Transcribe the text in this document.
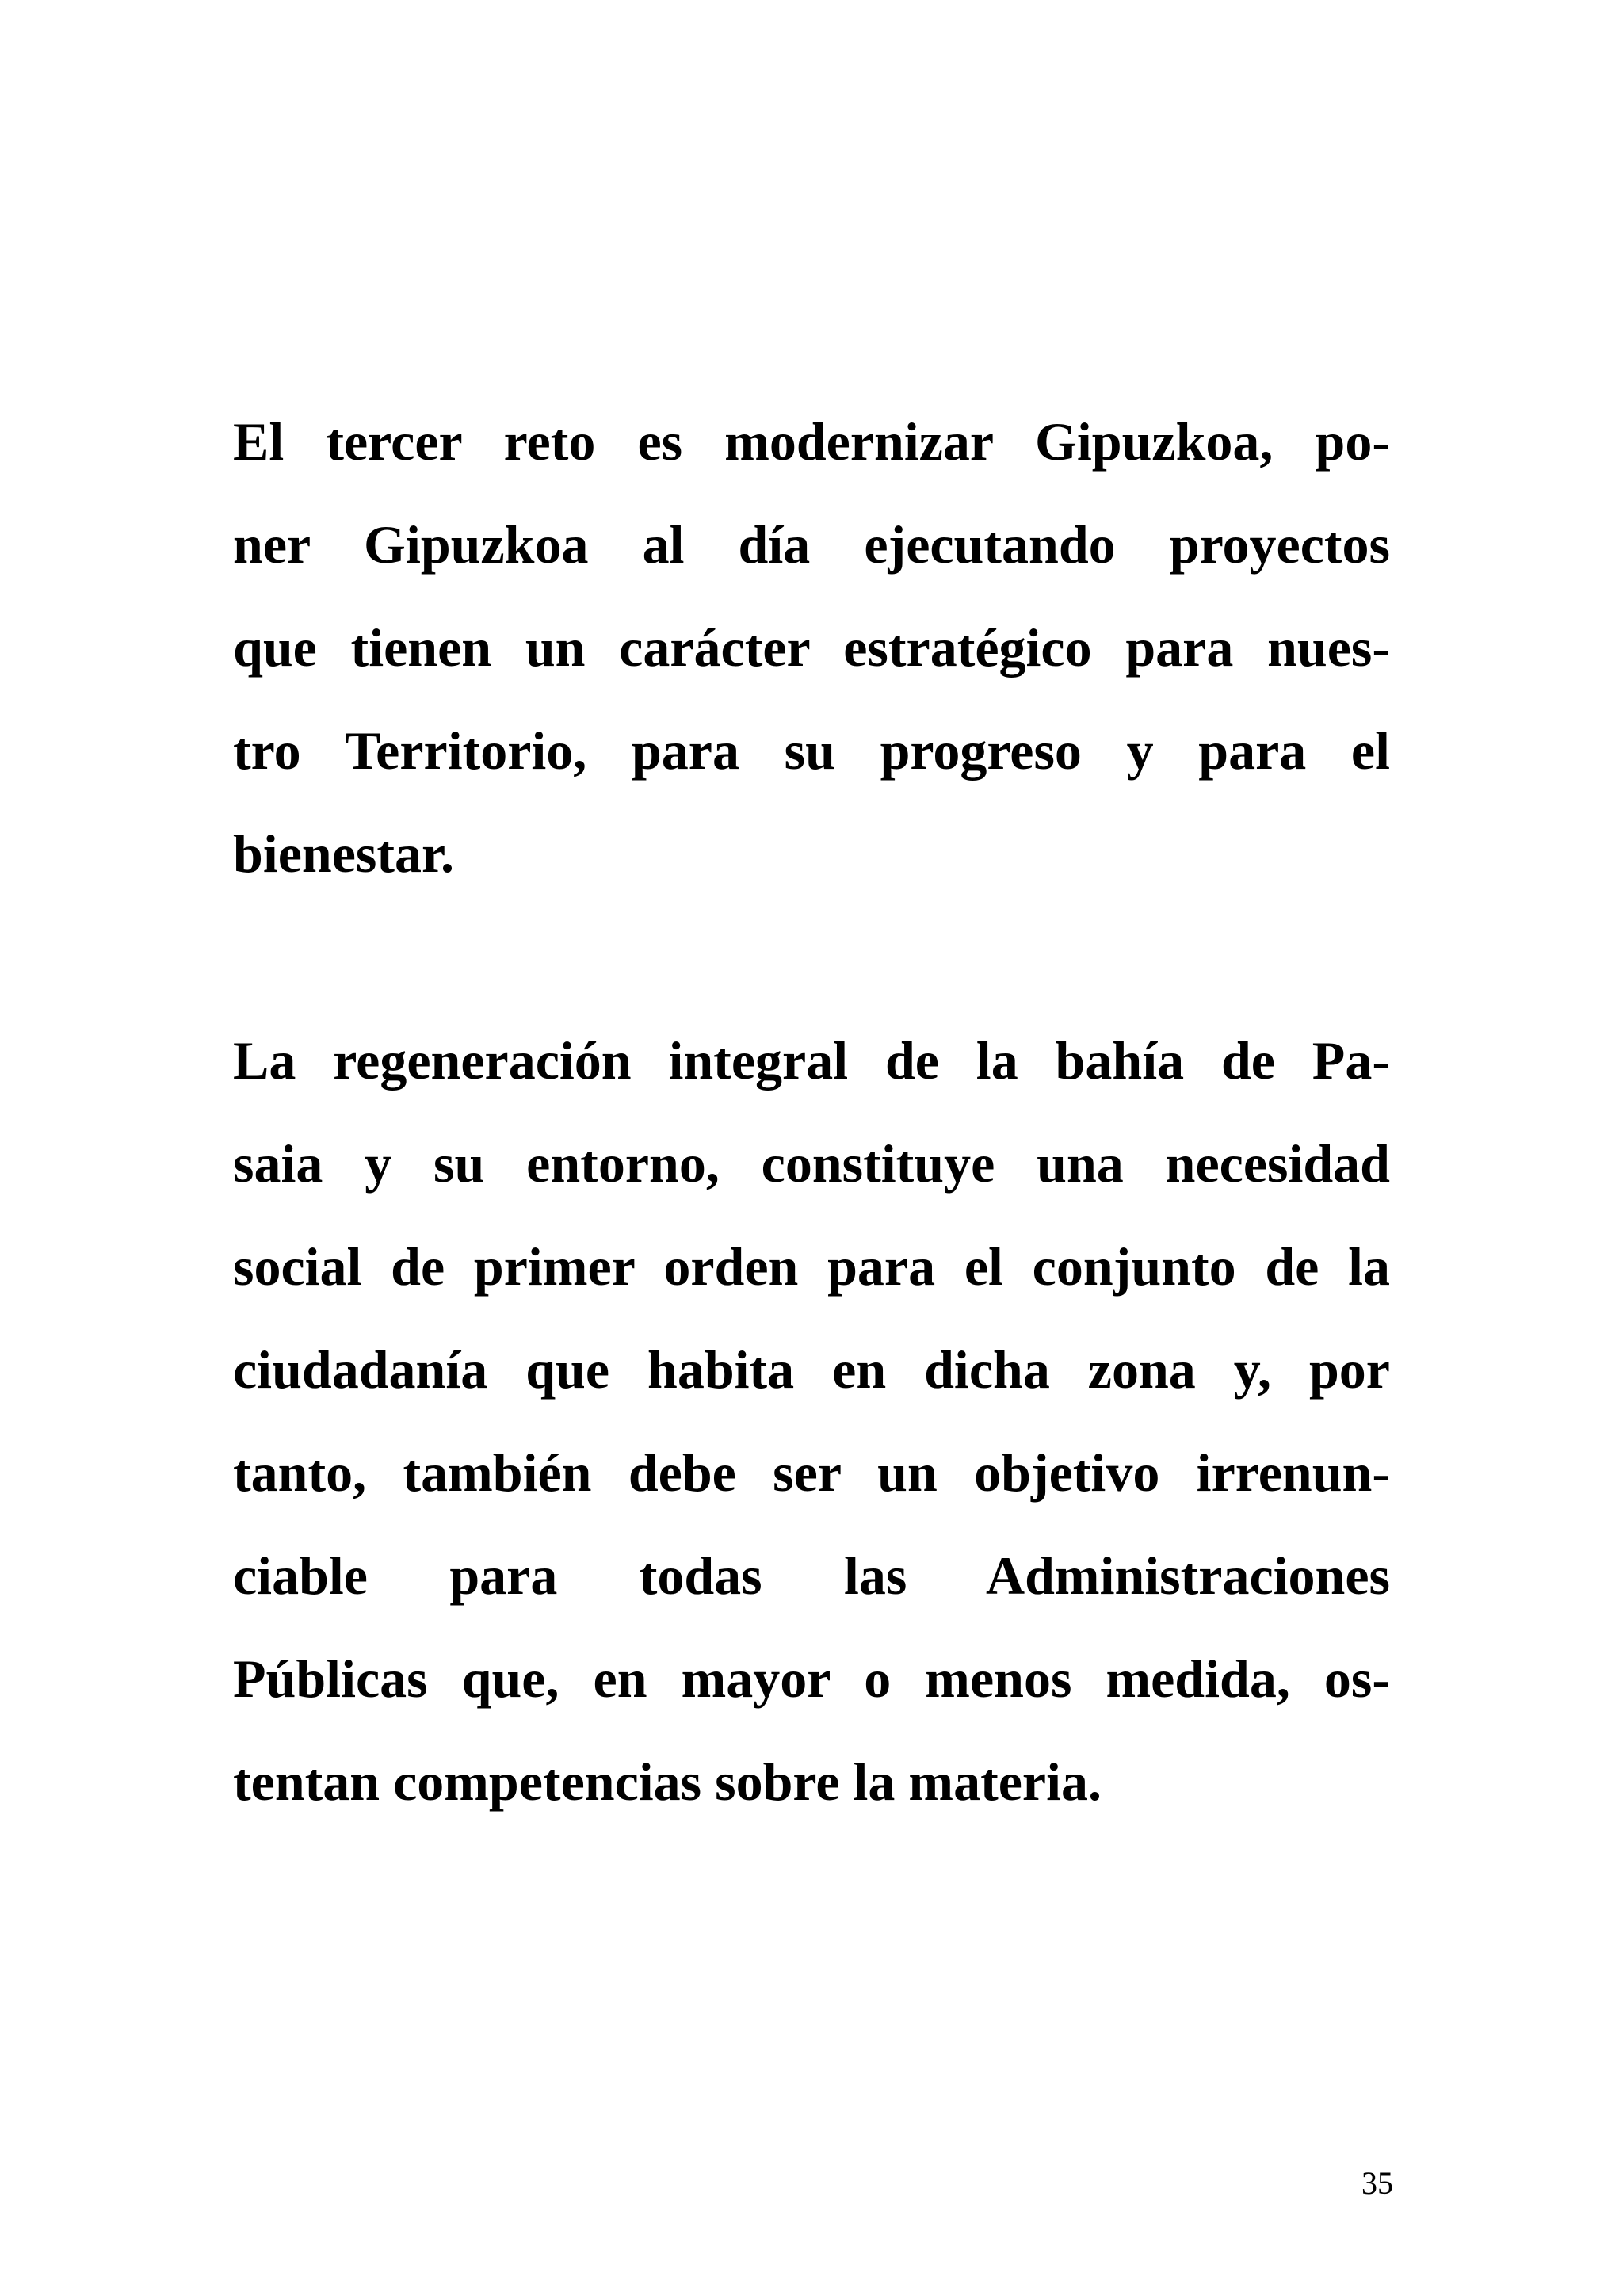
El tercer reto es modernizar Gipuzkoa, po-
ner Gipuzkoa al día ejecutando proyectos
que tienen un carácter estratégico para nues-
tro Territorio, para su progreso y para el
bienestar.
La regeneración integral de la bahía de Pa-
saia y su entorno, constituye una necesidad
social de primer orden para el conjunto de la
ciudadanía que habita en dicha zona y, por
tanto, también debe ser un objetivo irrenun-
ciable para todas las Administraciones
Públicas que, en mayor o menos medida, os-
tentan competencias sobre la materia.
35
